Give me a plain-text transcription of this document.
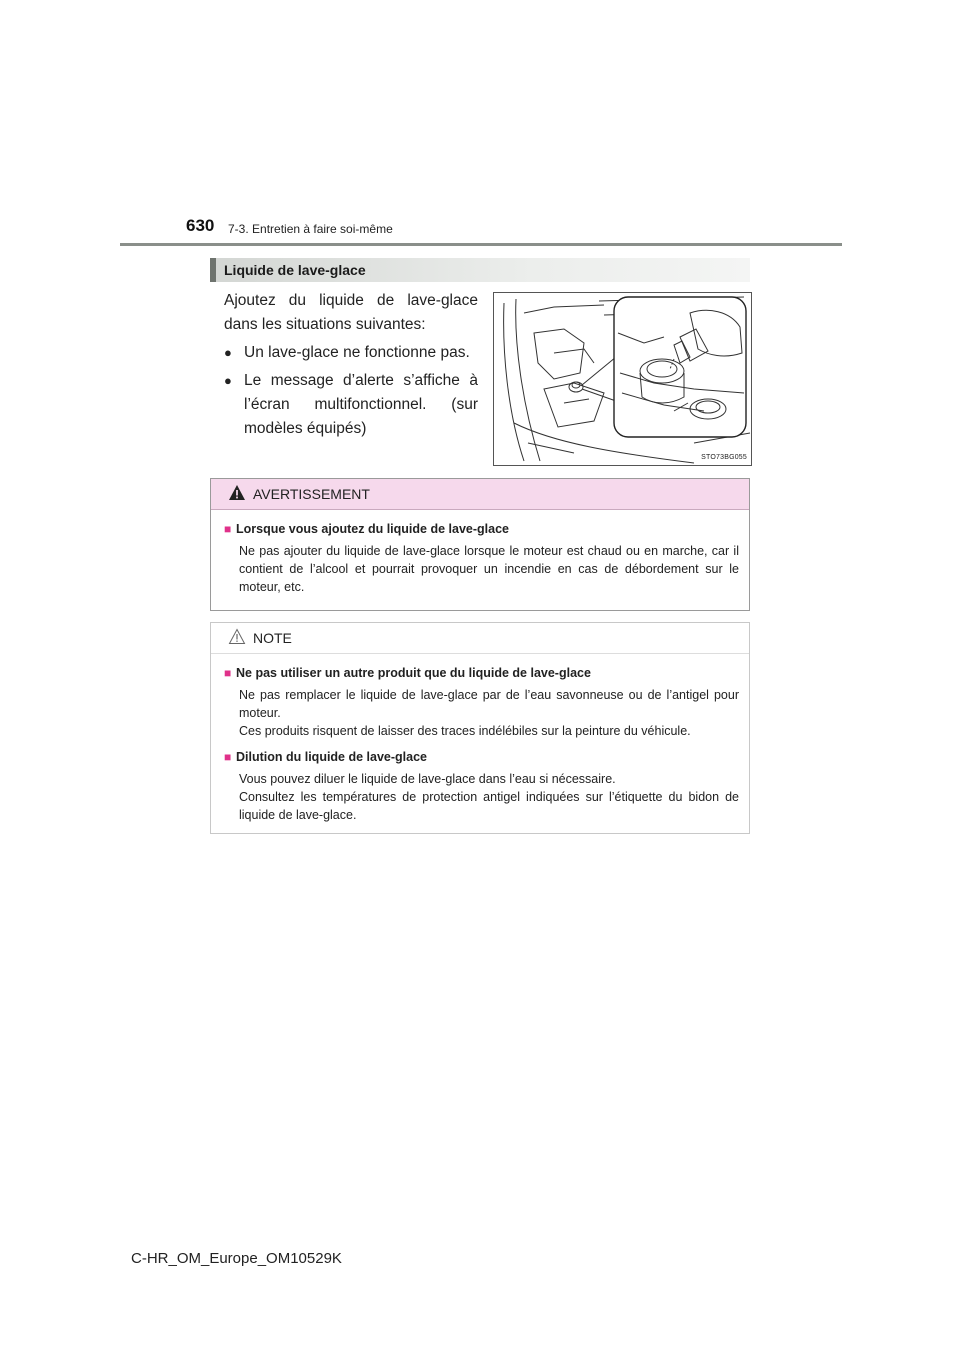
630 7-3. Entretien à faire soi-même
Liquide de lave-glace

Ajoutez du liquide de lave-glace dans les situations suivantes:

● Un lave-glace ne fonctionne pas.
● Le message d’alerte s’affiche à l’écran multifonctionnel. (sur modèles équipés)
STO73BG055
AVERTISSEMENT
■ Lorsque vous ajoutez du liquide de lave-glace
Ne pas ajouter du liquide de lave-glace lorsque le moteur est chaud ou en marche, car il contient de l’alcool et pourrait provoquer un incendie en cas de débordement sur le moteur, etc.
NOTE
■ Ne pas utiliser un autre produit que du liquide de lave-glace
Ne pas remplacer le liquide de lave-glace par de l’eau savonneuse ou de l’antigel pour moteur.
Ces produits risquent de laisser des traces indélébiles sur la peinture du véhicule.
■ Dilution du liquide de lave-glace
Vous pouvez diluer le liquide de lave-glace dans l’eau si nécessaire.
Consultez les températures de protection antigel indiquées sur l’étiquette du bidon de liquide de lave-glace.
C-HR_OM_Europe_OM10529K
